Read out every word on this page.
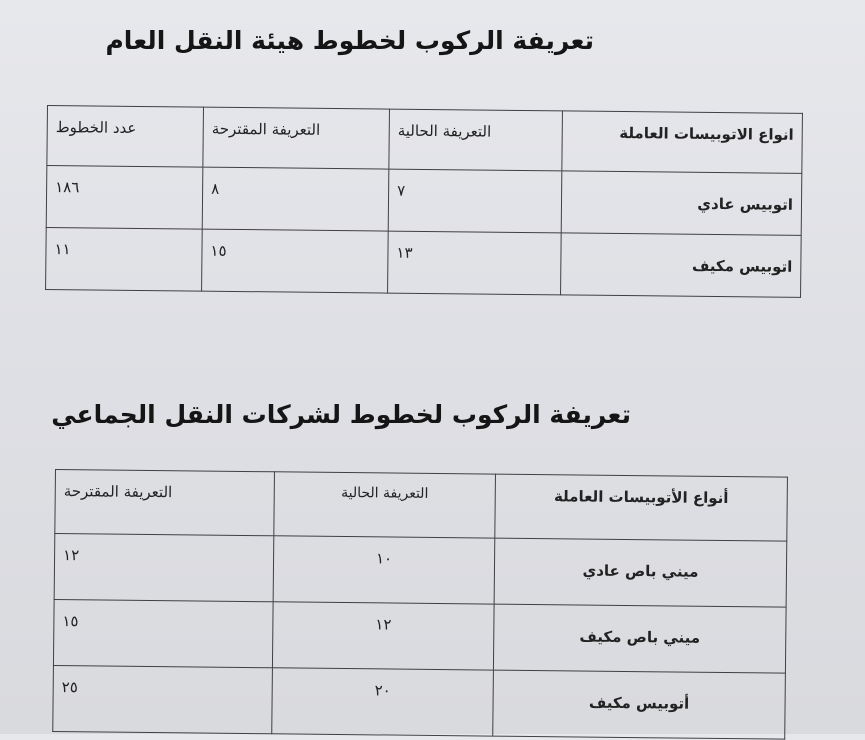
تعريفة الركوب لخطوط هيئة النقل العام
انواع الاتوبيسات العاملة	التعريفة الحالية	التعريفة المقترحة	عدد الخطوط
اتوبيس عادي	٧	٨	١٨٦
اتوبيس مكيف	١٣	١٥	١١
تعريفة الركوب لخطوط لشركات النقل الجماعي
أنواع الأتوبيسات العاملة	التعريفة الحالية	التعريفة المقترحة
ميني باص عادي	١٠	١٢
ميني باص مكيف	١٢	١٥
أتوبيس مكيف	٢٠	٢٥
